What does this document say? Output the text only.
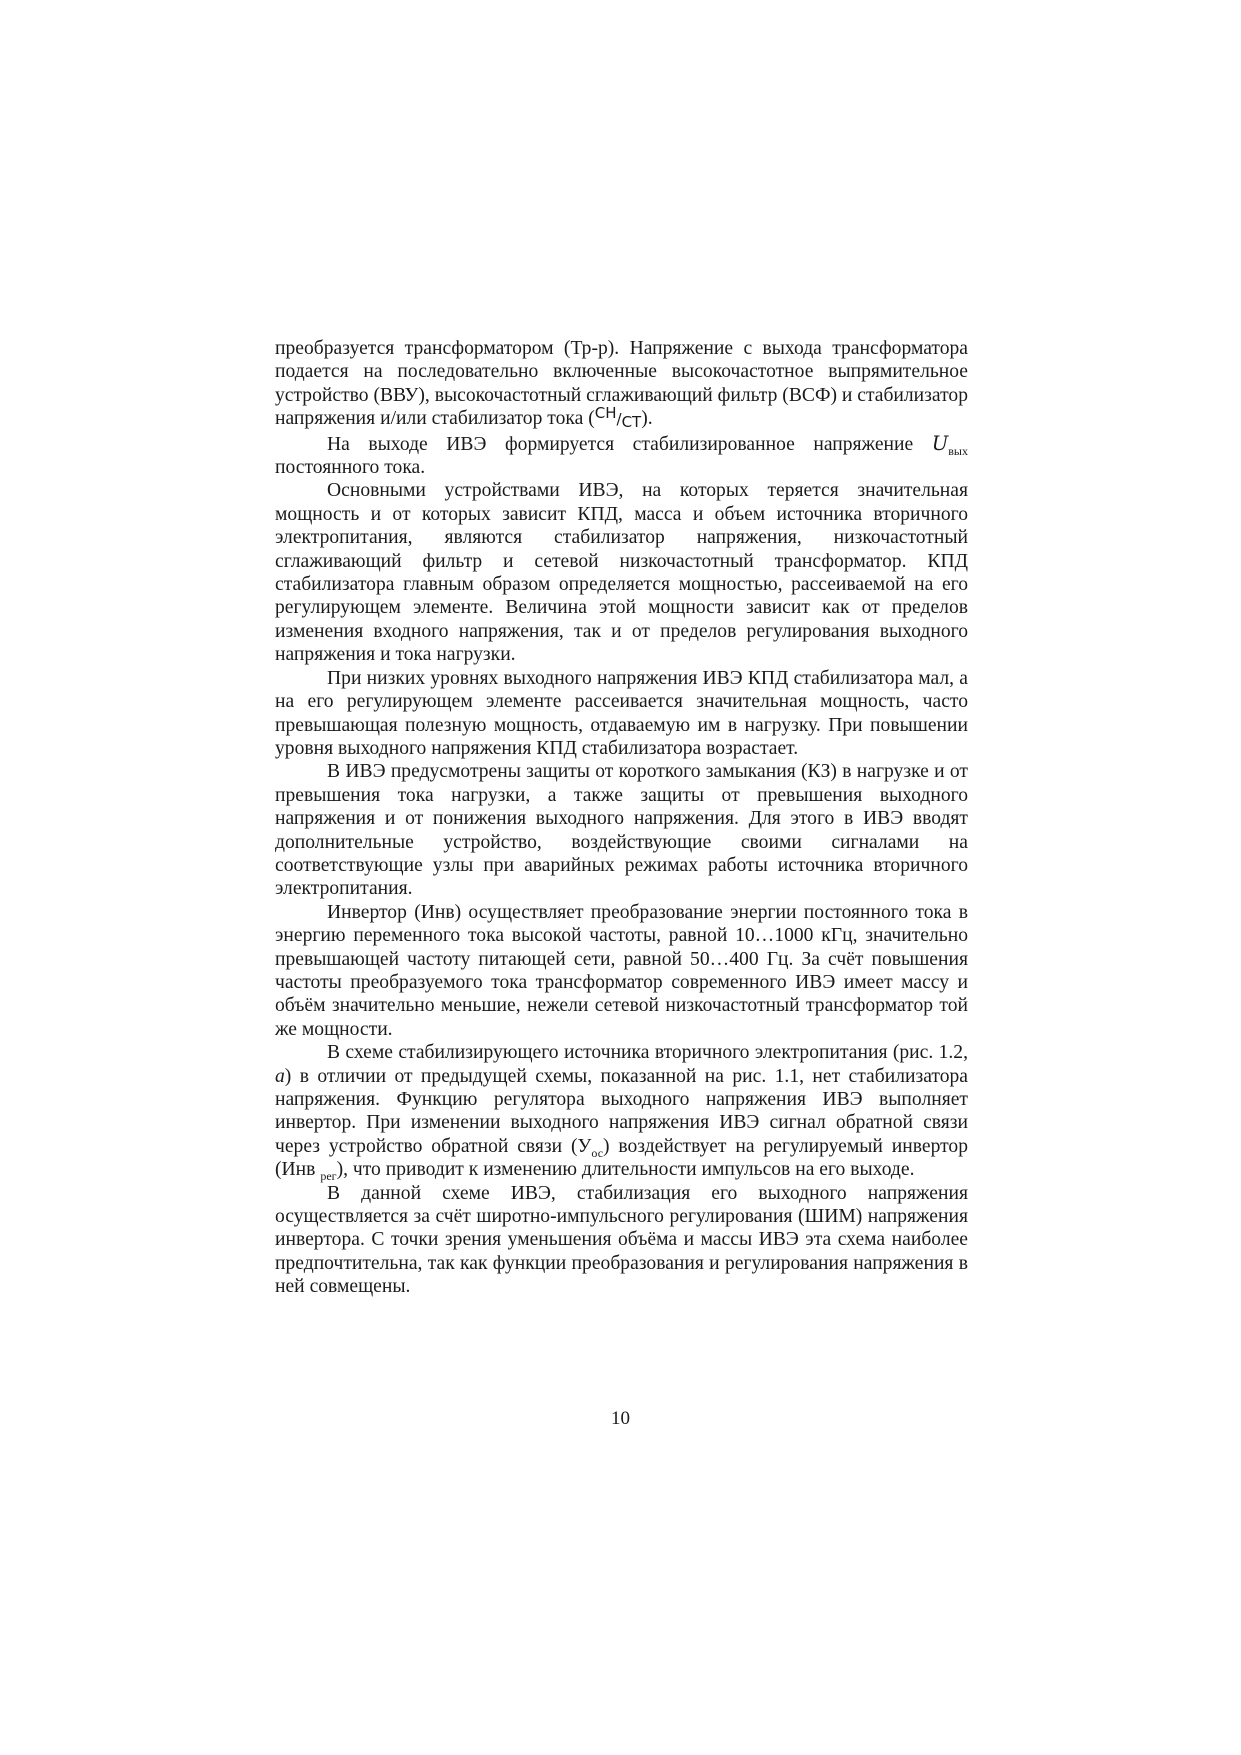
преобразуется трансформатором (Тр-р). Напряжение с выхода трансформатора подается на последовательно включенные высокочастотное выпрямительное устройство (ВВУ), высокочастотный сглаживающий фильтр (ВСФ) и стабилизатор напряжения и/или стабилизатор тока (СН/СТ).

На выходе ИВЭ формируется стабилизированное напряжение $U_{вых}$ постоянного тока.

Основными устройствами ИВЭ, на которых теряется значительная мощность и от которых зависит КПД, масса и объем источника вторичного электропитания, являются стабилизатор напряжения, низкочастотный сглаживающий фильтр и сетевой низкочастотный трансформатор. КПД стабилизатора главным образом определяется мощностью, рассеиваемой на его регулирующем элементе. Величина этой мощности зависит как от пределов изменения входного напряжения, так и от пределов регулирования выходного напряжения и тока нагрузки.

При низких уровнях выходного напряжения ИВЭ КПД стабилизатора мал, а на его регулирующем элементе рассеивается значительная мощность, часто превышающая полезную мощность, отдаваемую им в нагрузку. При повышении уровня выходного напряжения КПД стабилизатора возрастает.

В ИВЭ предусмотрены защиты от короткого замыкания (КЗ) в нагрузке и от превышения тока нагрузки, а также защиты от превышения выходного напряжения и от понижения выходного напряжения. Для этого в ИВЭ вводят дополнительные устройство, воздействующие своими сигналами на соответствующие узлы при аварийных режимах работы источника вторичного электропитания.

Инвертор (Инв) осуществляет преобразование энергии постоянного тока в энергию переменного тока высокой частоты, равной 10…1000 кГц, значительно превышающей частоту питающей сети, равной 50…400 Гц. За счёт повышения частоты преобразуемого тока трансформатор современного ИВЭ имеет массу и объём значительно меньшие, нежели сетевой низкочастотный трансформатор той же мощности.

В схеме стабилизирующего источника вторичного электропитания (рис. 1.2, а) в отличии от предыдущей схемы, показанной на рис. 1.1, нет стабилизатора напряжения. Функцию регулятора выходного напряжения ИВЭ выполняет инвертор. При изменении выходного напряжения ИВЭ сигнал обратной связи через устройство обратной связи $(У_{ос})$ воздействует на регулируемый инвертор (Инв $_{рег}$), что приводит к изменению длительности импульсов на его выходе.

В данной схеме ИВЭ, стабилизация его выходного напряжения осуществляется за счёт широтно-импульсного регулирования (ШИМ) напряжения инвертора. С точки зрения уменьшения объёма и массы ИВЭ эта схема наиболее предпочтительна, так как функции преобразования и регулирования напряжения в ней совмещены.

10
